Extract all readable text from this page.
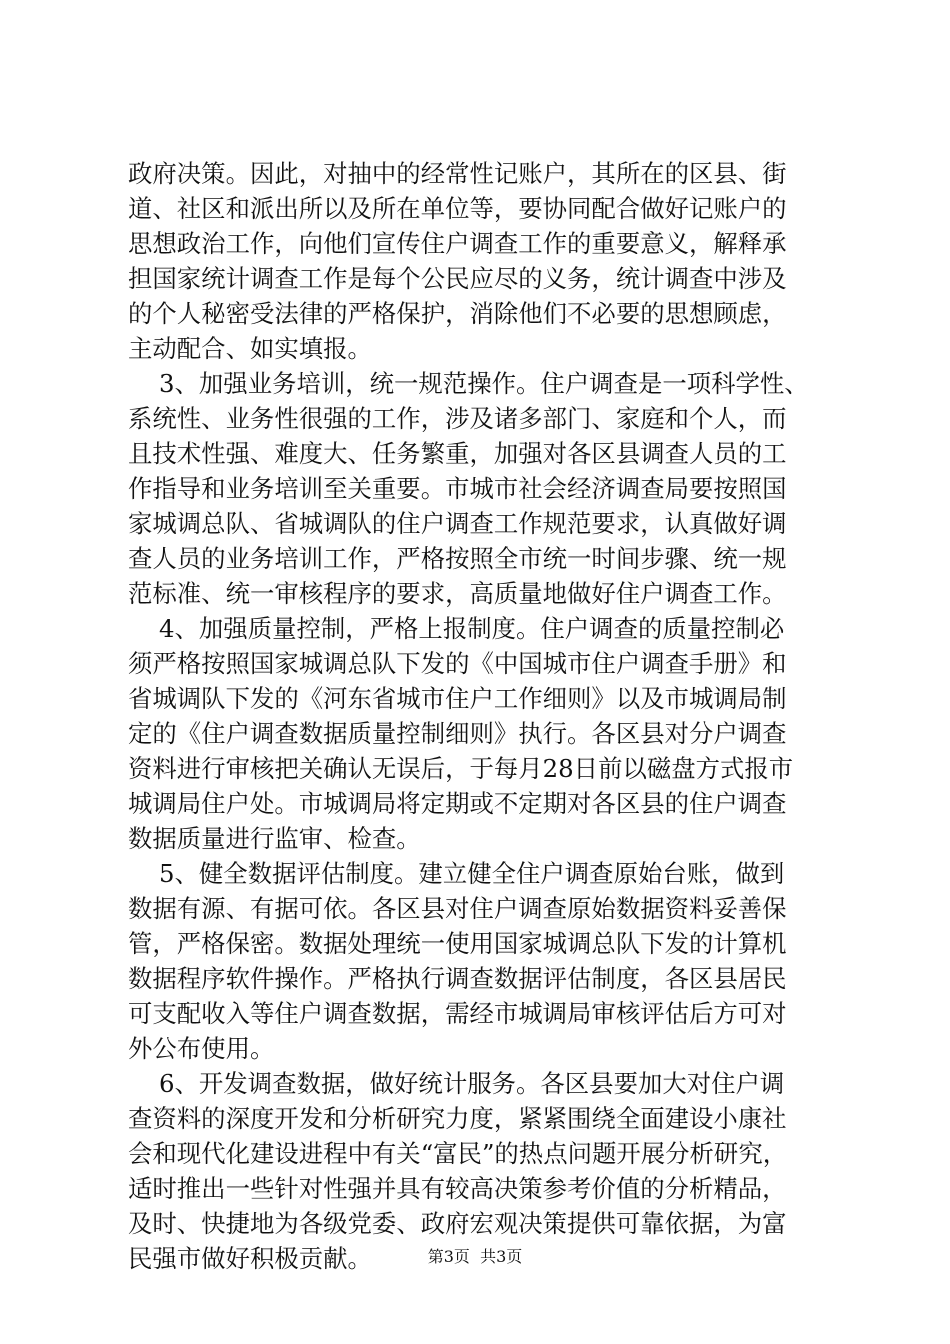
政府决策。因此，对抽中的经常性记账户，其所在的区县、街
道、社区和派出所以及所在单位等，要协同配合做好记账户的
思想政治工作，向他们宣传住户调查工作的重要意义，解释承
担国家统计调查工作是每个公民应尽的义务，统计调查中涉及
的个人秘密受法律的严格保护，消除他们不必要的思想顾虑，
主动配合、如实填报。
3、加强业务培训，统一规范操作。住户调查是一项科学性、
系统性、业务性很强的工作，涉及诸多部门、家庭和个人，而
且技术性强、难度大、任务繁重，加强对各区县调查人员的工
作指导和业务培训至关重要。市城市社会经济调查局要按照国
家城调总队、省城调队的住户调查工作规范要求，认真做好调
查人员的业务培训工作，严格按照全市统一时间步骤、统一规
范标准、统一审核程序的要求，高质量地做好住户调查工作。
4、加强质量控制，严格上报制度。住户调查的质量控制必
须严格按照国家城调总队下发的《中国城市住户调查手册》和
省城调队下发的《河东省城市住户工作细则》以及市城调局制
定的《住户调查数据质量控制细则》执行。各区县对分户调查
资料进行审核把关确认无误后，于每月28日前以磁盘方式报市
城调局住户处。市城调局将定期或不定期对各区县的住户调查
数据质量进行监审、检查。
5、健全数据评估制度。建立健全住户调查原始台账，做到
数据有源、有据可依。各区县对住户调查原始数据资料妥善保
管，严格保密。数据处理统一使用国家城调总队下发的计算机
数据程序软件操作。严格执行调查数据评估制度，各区县居民
可支配收入等住户调查数据，需经市城调局审核评估后方可对
外公布使用。
6、开发调查数据，做好统计服务。各区县要加大对住户调
查资料的深度开发和分析研究力度，紧紧围绕全面建设小康社
会和现代化建设进程中有关“富民”的热点问题开展分析研究，
适时推出一些针对性强并具有较高决策参考价值的分析精品，
及时、快捷地为各级党委、政府宏观决策提供可靠依据，为富
民强市做好积极贡献。	第3页  共3页
